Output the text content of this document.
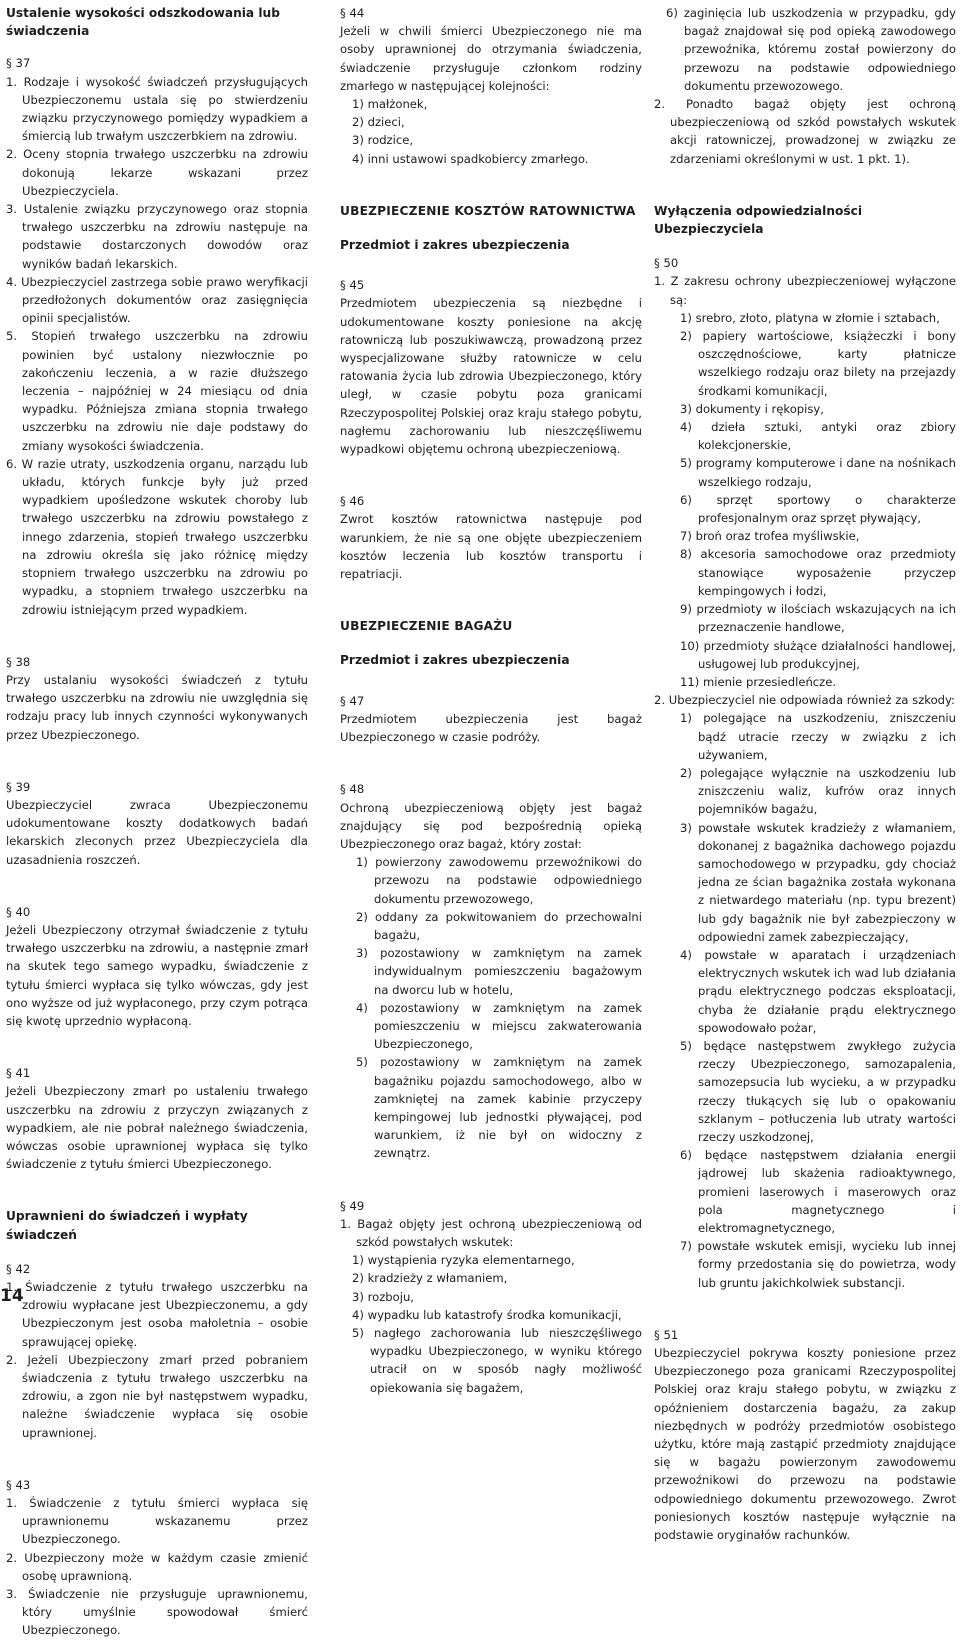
Ustalenie wysokości odszkodowania lub świadczenia

§ 37

1. Rodzaje i wysokość świadczeń przysługujących Ubezpieczonemu ustala się po stwierdzeniu związku przyczynowego pomiędzy wypadkiem a śmiercią lub trwałym uszczerbkiem na zdrowiu.

2. Oceny stopnia trwałego uszczerbku na zdrowiu dokonują lekarze wskazani przez Ubezpieczyciela.

3. Ustalenie związku przyczynowego oraz stopnia trwałego uszczerbku na zdrowiu następuje na podstawie dostarczonych dowodów oraz wyników badań lekarskich.

4. Ubezpieczyciel zastrzega sobie prawo weryfikacji przedłożonych dokumentów oraz zasięgnięcia opinii specjalistów.

5. Stopień trwałego uszczerbku na zdrowiu powinien być ustalony niezwłocznie po zakończeniu leczenia, a w razie dłuższego leczenia – najpóźniej w 24 miesiącu od dnia wypadku. Późniejsza zmiana stopnia trwałego uszczerbku na zdrowiu nie daje podstawy do zmiany wysokości świadczenia.

6. W razie utraty, uszkodzenia organu, narządu lub układu, których funkcje były już przed wypadkiem upośledzone wskutek choroby lub trwałego uszczerbku na zdrowiu powstałego z innego zdarzenia, stopień trwałego uszczerbku na zdrowiu określa się jako różnicę między stopniem trwałego uszczerbku na zdrowiu po wypadku, a stopniem trwałego uszczerbku na zdrowiu istniejącym przed wypadkiem.

§ 38

Przy ustalaniu wysokości świadczeń z tytułu trwałego uszczerbku na zdrowiu nie uwzględnia się rodzaju pracy lub innych czynności wykonywanych przez Ubezpieczonego.

§ 39

Ubezpieczyciel zwraca Ubezpieczonemu udokumentowane koszty dodatkowych badań lekarskich zleconych przez Ubezpieczyciela dla uzasadnienia roszczeń.

§ 40

Jeżeli Ubezpieczony otrzymał świadczenie z tytułu trwałego uszczerbku na zdrowiu, a następnie zmarł na skutek tego samego wypadku, świadczenie z tytułu śmierci wypłaca się tylko wówczas, gdy jest ono wyższe od już wypłaconego, przy czym potrąca się kwotę uprzednio wypłaconą.

§ 41

Jeżeli Ubezpieczony zmarł po ustaleniu trwałego uszczerbku na zdrowiu z przyczyn związanych z wypadkiem, ale nie pobrał należnego świadczenia, wówczas osobie uprawnionej wypłaca się tylko świadczenie z tytułu śmierci Ubezpieczonego.

Uprawnieni do świadczeń i wypłaty świadczeń

§ 42

1. Świadczenie z tytułu trwałego uszczerbku na zdrowiu wypłacane jest Ubezpieczonemu, a gdy Ubezpieczonym jest osoba małoletnia – osobie sprawującej opiekę.

2. Jeżeli Ubezpieczony zmarł przed pobraniem świadczenia z tytułu trwałego uszczerbku na zdrowiu, a zgon nie był następstwem wypadku, należne świadczenie wypłaca się osobie uprawnionej.

§ 43

1. Świadczenie z tytułu śmierci wypłaca się uprawnionemu wskazanemu przez Ubezpieczonego.

2. Ubezpieczony może w każdym czasie zmienić osobę uprawnioną.

3. Świadczenie nie przysługuje uprawnionemu, który umyślnie spowodował śmierć Ubezpieczonego.

§ 44

Jeżeli w chwili śmierci Ubezpieczonego nie ma osoby uprawnionej do otrzymania świadczenia, świadczenie przysługuje członkom rodziny zmarłego w następującej kolejności:

1) małżonek,

2) dzieci,

3) rodzice,

4) inni ustawowi spadkobiercy zmarłego.

UBEZPIECZENIE KOSZTÓW RATOWNICTWA
Przedmiot i zakres ubezpieczenia

§ 45

Przedmiotem ubezpieczenia są niezbędne i udokumentowane koszty poniesione na akcję ratowniczą lub poszukiwawczą, prowadzoną przez wyspecjalizowane służby ratownicze w celu ratowania życia lub zdrowia Ubezpieczonego, który uległ, w czasie pobytu poza granicami Rzeczypospolitej Polskiej oraz kraju stałego pobytu, nagłemu zachorowaniu lub nieszczęśliwemu wypadkowi objętemu ochroną ubezpieczeniową.

§ 46

Zwrot kosztów ratownictwa następuje pod warunkiem, że nie są one objęte ubezpieczeniem kosztów leczenia lub kosztów transportu i repatriacji.

UBEZPIECZENIE BAGAŻU
Przedmiot i zakres ubezpieczenia

§ 47

Przedmiotem ubezpieczenia jest bagaż Ubezpieczonego w czasie podróży.

§ 48

Ochroną ubezpieczeniową objęty jest bagaż znajdujący się pod bezpośrednią opieką Ubezpieczonego oraz bagaż, który został:

1) powierzony zawodowemu przewoźnikowi do przewozu na podstawie odpowiedniego dokumentu przewozowego,

2) oddany za pokwitowaniem do przechowalni bagażu,

3) pozostawiony w zamkniętym na zamek indywidualnym pomieszczeniu bagażowym na dworcu lub w hotelu,

4) pozostawiony w zamkniętym na zamek pomieszczeniu w miejscu zakwaterowania Ubezpieczonego,

5) pozostawiony w zamkniętym na zamek bagażniku pojazdu samochodowego, albo w zamkniętej na zamek kabinie przyczepy kempingowej lub jednostki pływającej, pod warunkiem, iż nie był on widoczny z zewnątrz.

§ 49

1. Bagaż objęty jest ochroną ubezpieczeniową od szkód powstałych wskutek:

1) wystąpienia ryzyka elementarnego,

2) kradzieży z włamaniem,

3) rozboju,

4) wypadku lub katastrofy środka komunikacji,

5) nagłego zachorowania lub nieszczęśliwego wypadku Ubezpieczonego, w wyniku którego utracił on w sposób nagły możliwość opiekowania się bagażem,

6) zaginięcia lub uszkodzenia w przypadku, gdy bagaż znajdował się pod opieką zawodowego przewoźnika, któremu został powierzony do przewozu na podstawie odpowiedniego dokumentu przewozowego.

2. Ponadto bagaż objęty jest ochroną ubezpieczeniową od szkód powstałych wskutek akcji ratowniczej, prowadzonej w związku ze zdarzeniami określonymi w ust. 1 pkt. 1).

Wyłączenia odpowiedzialności Ubezpieczyciela

§ 50

1. Z zakresu ochrony ubezpieczeniowej wyłączone są:

1) srebro, złoto, platyna w złomie i sztabach,

2) papiery wartościowe, książeczki i bony oszczędnościowe, karty płatnicze wszelkiego rodzaju oraz bilety na przejazdy środkami komunikacji,

3) dokumenty i rękopisy,

4) dzieła sztuki, antyki oraz zbiory kolekcjonerskie,

5) programy komputerowe i dane na nośnikach wszelkiego rodzaju,

6) sprzęt sportowy o charakterze profesjonalnym oraz sprzęt pływający,

7) broń oraz trofea myśliwskie,

8) akcesoria samochodowe oraz przedmioty stanowiące wyposażenie przyczep kempingowych i łodzi,

9) przedmioty w ilościach wskazujących na ich przeznaczenie handlowe,

10) przedmioty służące działalności handlowej, usługowej lub produkcyjnej,

11) mienie przesiedleńcze.

2. Ubezpieczyciel nie odpowiada również za szkody:

1) polegające na uszkodzeniu, zniszczeniu bądź utracie rzeczy w związku z ich używaniem,

2) polegające wyłącznie na uszkodzeniu lub zniszczeniu waliz, kufrów oraz innych pojemników bagażu,

3) powstałe wskutek kradzieży z włamaniem, dokonanej z bagażnika dachowego pojazdu samochodowego w przypadku, gdy chociaż jedna ze ścian bagażnika została wykonana z nietwardego materiału (np. typu brezent) lub gdy bagażnik nie był zabezpieczony w odpowiedni zamek zabezpieczający,

4) powstałe w aparatach i urządzeniach elektrycznych wskutek ich wad lub działania prądu elektrycznego podczas eksploatacji, chyba że działanie prądu elektrycznego spowodowało pożar,

5) będące następstwem zwykłego zużycia rzeczy Ubezpieczonego, samozapalenia, samozepsucia lub wycieku, a w przypadku rzeczy tłukących się lub o opakowaniu szklanym – potłuczenia lub utraty wartości rzeczy uszkodzonej,

6) będące następstwem działania energii jądrowej lub skażenia radioaktywnego, promieni laserowych i maserowych oraz pola magnetycznego i elektromagnetycznego,

7) powstałe wskutek emisji, wycieku lub innej formy przedostania się do powietrza, wody lub gruntu jakichkolwiek substancji.

§ 51

Ubezpieczyciel pokrywa koszty poniesione przez Ubezpieczonego poza granicami Rzeczypospolitej Polskiej oraz kraju stałego pobytu, w związku z opóźnieniem dostarczenia bagażu, za zakup niezbędnych w podróży przedmiotów osobistego użytku, które mają zastąpić przedmioty znajdujące się w bagażu powierzonym zawodowemu przewoźnikowi do przewozu na podstawie odpowiedniego dokumentu przewozowego. Zwrot poniesionych kosztów następuje wyłącznie na podstawie oryginałów rachunków.

14
